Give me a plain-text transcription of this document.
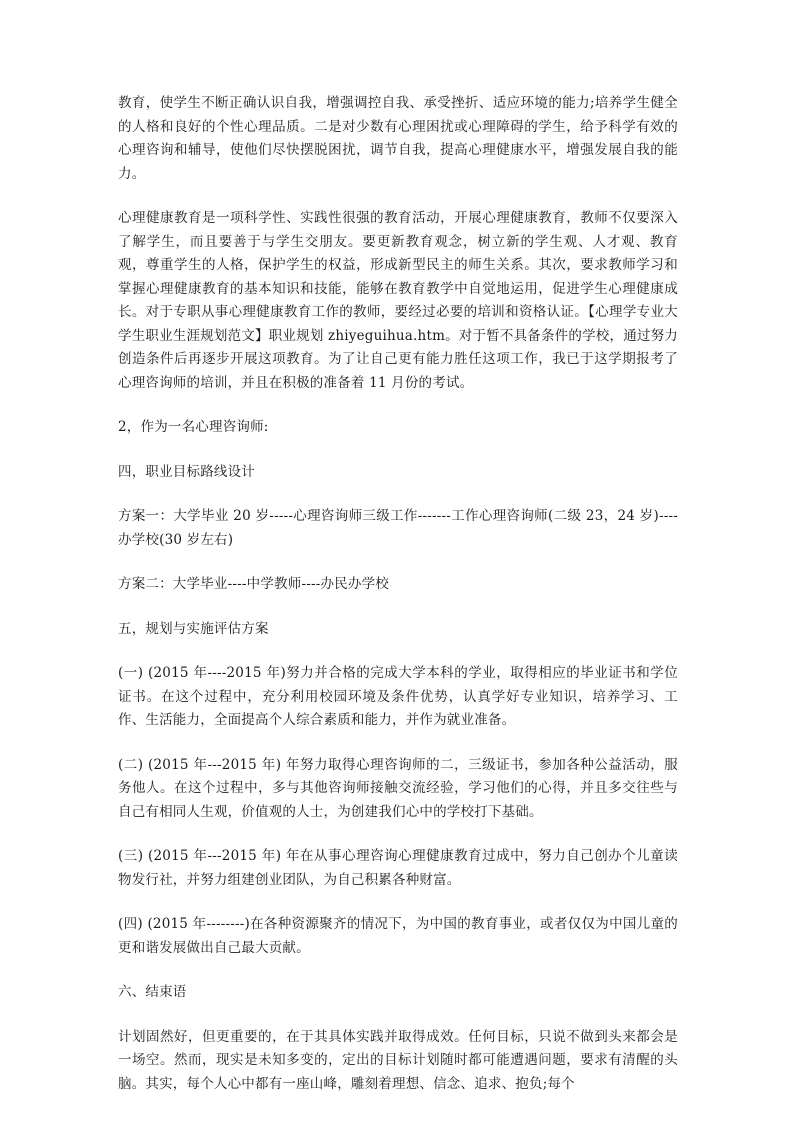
教育，使学生不断正确认识自我，增强调控自我、承受挫折、适应环境的能力;培养学生健全的人格和良好的个性心理品质。二是对少数有心理困扰或心理障碍的学生，给予科学有效的心理咨询和辅导，使他们尽快摆脱困扰，调节自我，提高心理健康水平，增强发展自我的能力。

心理健康教育是一项科学性、实践性很强的教育活动，开展心理健康教育，教师不仅要深入了解学生，而且要善于与学生交朋友。要更新教育观念，树立新的学生观、人才观、教育观，尊重学生的人格，保护学生的权益，形成新型民主的师生关系。其次，要求教师学习和掌握心理健康教育的基本知识和技能，能够在教育教学中自觉地运用，促进学生心理健康成长。对于专职从事心理健康教育工作的教师，要经过必要的培训和资格认证。【心理学专业大学生职业生涯规划范文】职业规划 zhiyeguihua.htm。对于暂不具备条件的学校，通过努力创造条件后再逐步开展这项教育。为了让自己更有能力胜任这项工作，我已于这学期报考了心理咨询师的培训，并且在积极的准备着 11 月份的考试。

2，作为一名心理咨询师:

四，职业目标路线设计

方案一：大学毕业 20 岁-----心理咨询师三级工作-------工作心理咨询师(二级 23，24 岁)----办学校(30 岁左右)

方案二：大学毕业----中学教师----办民办学校

五，规划与实施评估方案

(一) (2015 年----2015 年)努力并合格的完成大学本科的学业，取得相应的毕业证书和学位证书。在这个过程中，充分利用校园环境及条件优势，认真学好专业知识，培养学习、工作、生活能力，全面提高个人综合素质和能力，并作为就业准备。

(二) (2015 年---2015 年) 年努力取得心理咨询师的二，三级证书，参加各种公益活动，服务他人。在这个过程中，多与其他咨询师接触交流经验，学习他们的心得，并且多交往些与自己有相同人生观，价值观的人士，为创建我们心中的学校打下基础。

(三) (2015 年---2015 年) 年在从事心理咨询心理健康教育过成中，努力自己创办个儿童读物发行社，并努力组建创业团队，为自己积累各种财富。

(四) (2015 年--------)在各种资源聚齐的情况下，为中国的教育事业，或者仅仅为中国儿童的更和谐发展做出自己最大贡献。

六、结束语

计划固然好，但更重要的，在于其具体实践并取得成效。任何目标，只说不做到头来都会是一场空。然而，现实是未知多变的，定出的目标计划随时都可能遭遇问题，要求有清醒的头脑。其实，每个人心中都有一座山峰，雕刻着理想、信念、追求、抱负;每个
